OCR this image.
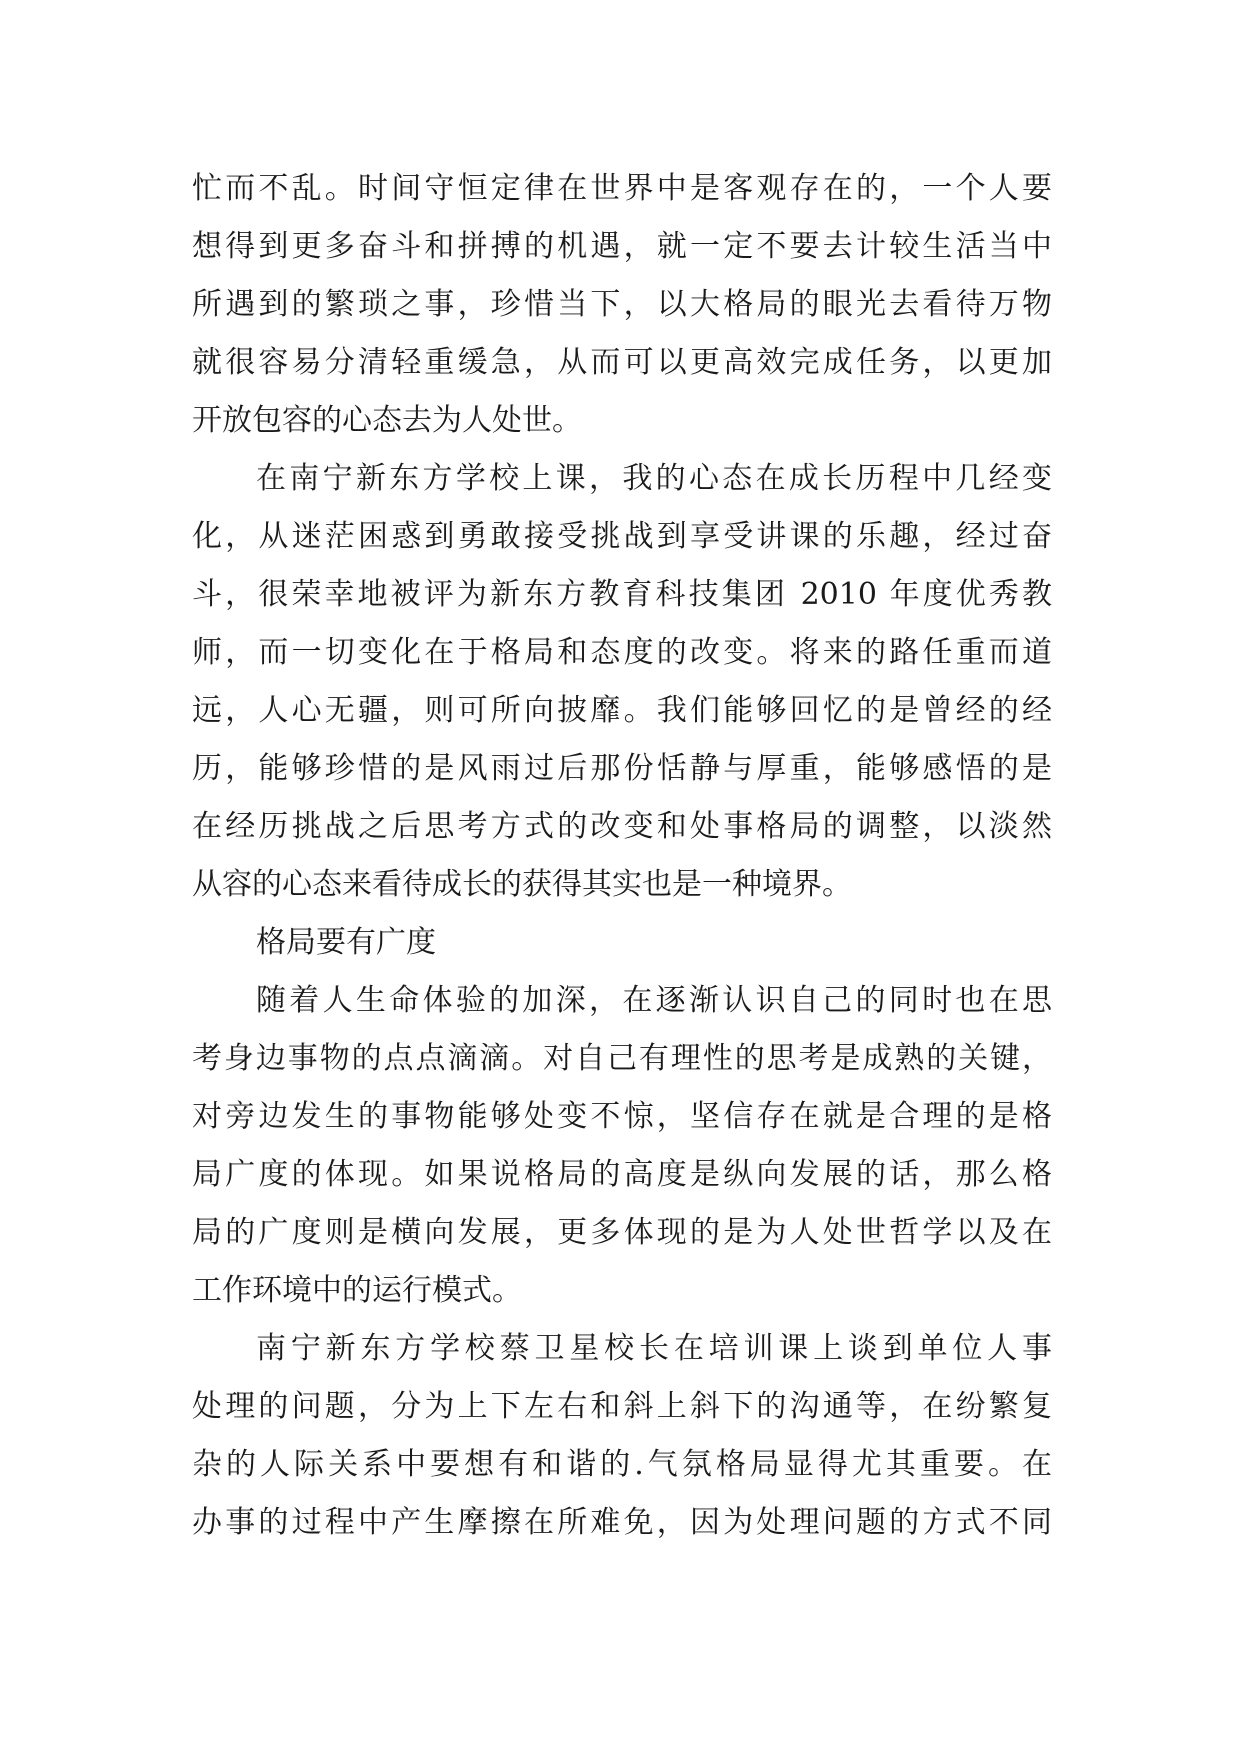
忙而不乱。时间守恒定律在世界中是客观存在的，一个人要
想得到更多奋斗和拼搏的机遇，就一定不要去计较生活当中
所遇到的繁琐之事，珍惜当下，以大格局的眼光去看待万物
就很容易分清轻重缓急，从而可以更高效完成任务，以更加
开放包容的心态去为人处世。
在南宁新东方学校上课，我的心态在成长历程中几经变
化，从迷茫困惑到勇敢接受挑战到享受讲课的乐趣，经过奋
斗，很荣幸地被评为新东方教育科技集团 2010 年度优秀教
师，而一切变化在于格局和态度的改变。将来的路任重而道
远，人心无疆，则可所向披靡。我们能够回忆的是曾经的经
历，能够珍惜的是风雨过后那份恬静与厚重，能够感悟的是
在经历挑战之后思考方式的改变和处事格局的调整，以淡然
从容的心态来看待成长的获得其实也是一种境界。
格局要有广度
随着人生命体验的加深，在逐渐认识自己的同时也在思
考身边事物的点点滴滴。对自己有理性的思考是成熟的关键，
对旁边发生的事物能够处变不惊，坚信存在就是合理的是格
局广度的体现。如果说格局的高度是纵向发展的话，那么格
局的广度则是横向发展，更多体现的是为人处世哲学以及在
工作环境中的运行模式。
南宁新东方学校蔡卫星校长在培训课上谈到单位人事
处理的问题，分为上下左右和斜上斜下的沟通等，在纷繁复
杂的人际关系中要想有和谐的.气氛格局显得尤其重要。在
办事的过程中产生摩擦在所难免，因为处理问题的方式不同
